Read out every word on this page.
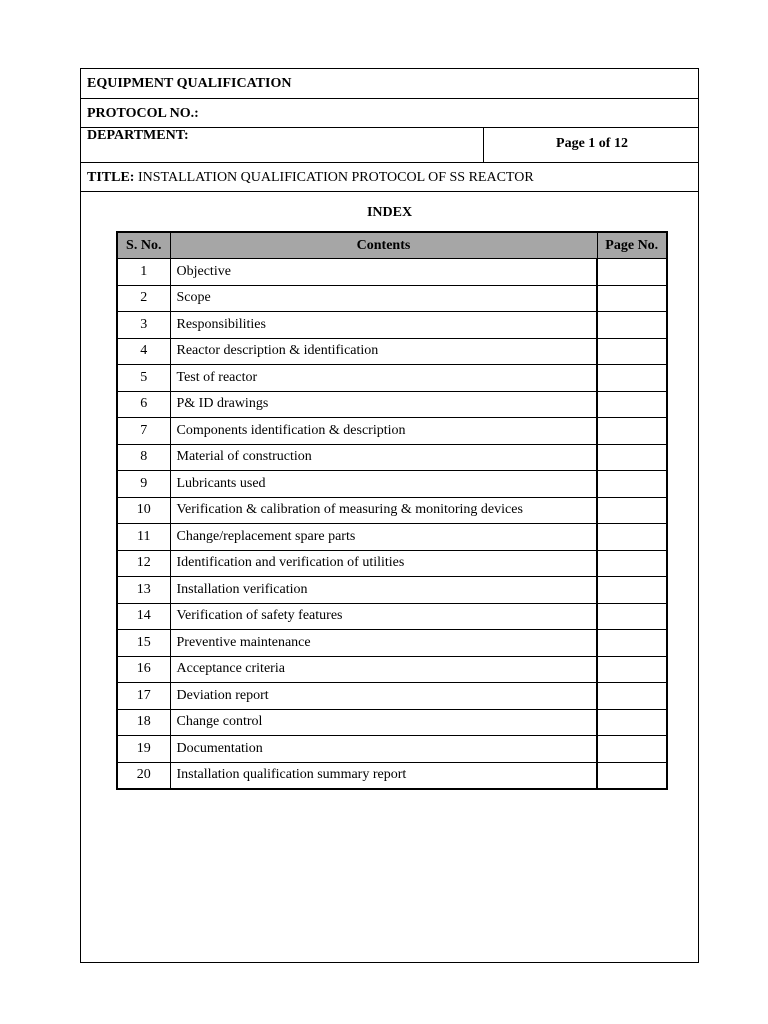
EQUIPMENT QUALIFICATION
PROTOCOL NO.:
DEPARTMENT:
Page 1 of 12
TITLE: INSTALLATION QUALIFICATION PROTOCOL OF SS REACTOR
INDEX
S. No.	Contents	Page No.
1	Objective	
2	Scope	
3	Responsibilities	
4	Reactor description & identification	
5	Test of reactor	
6	P& ID drawings	
7	Components identification & description	
8	Material of construction	
9	Lubricants used	
10	Verification & calibration of measuring & monitoring devices	
11	Change/replacement spare parts	
12	Identification and verification of utilities	
13	Installation verification	
14	Verification of safety features	
15	Preventive maintenance	
16	Acceptance criteria	
17	Deviation report	
18	Change control	
19	Documentation	
20	Installation qualification summary report	
